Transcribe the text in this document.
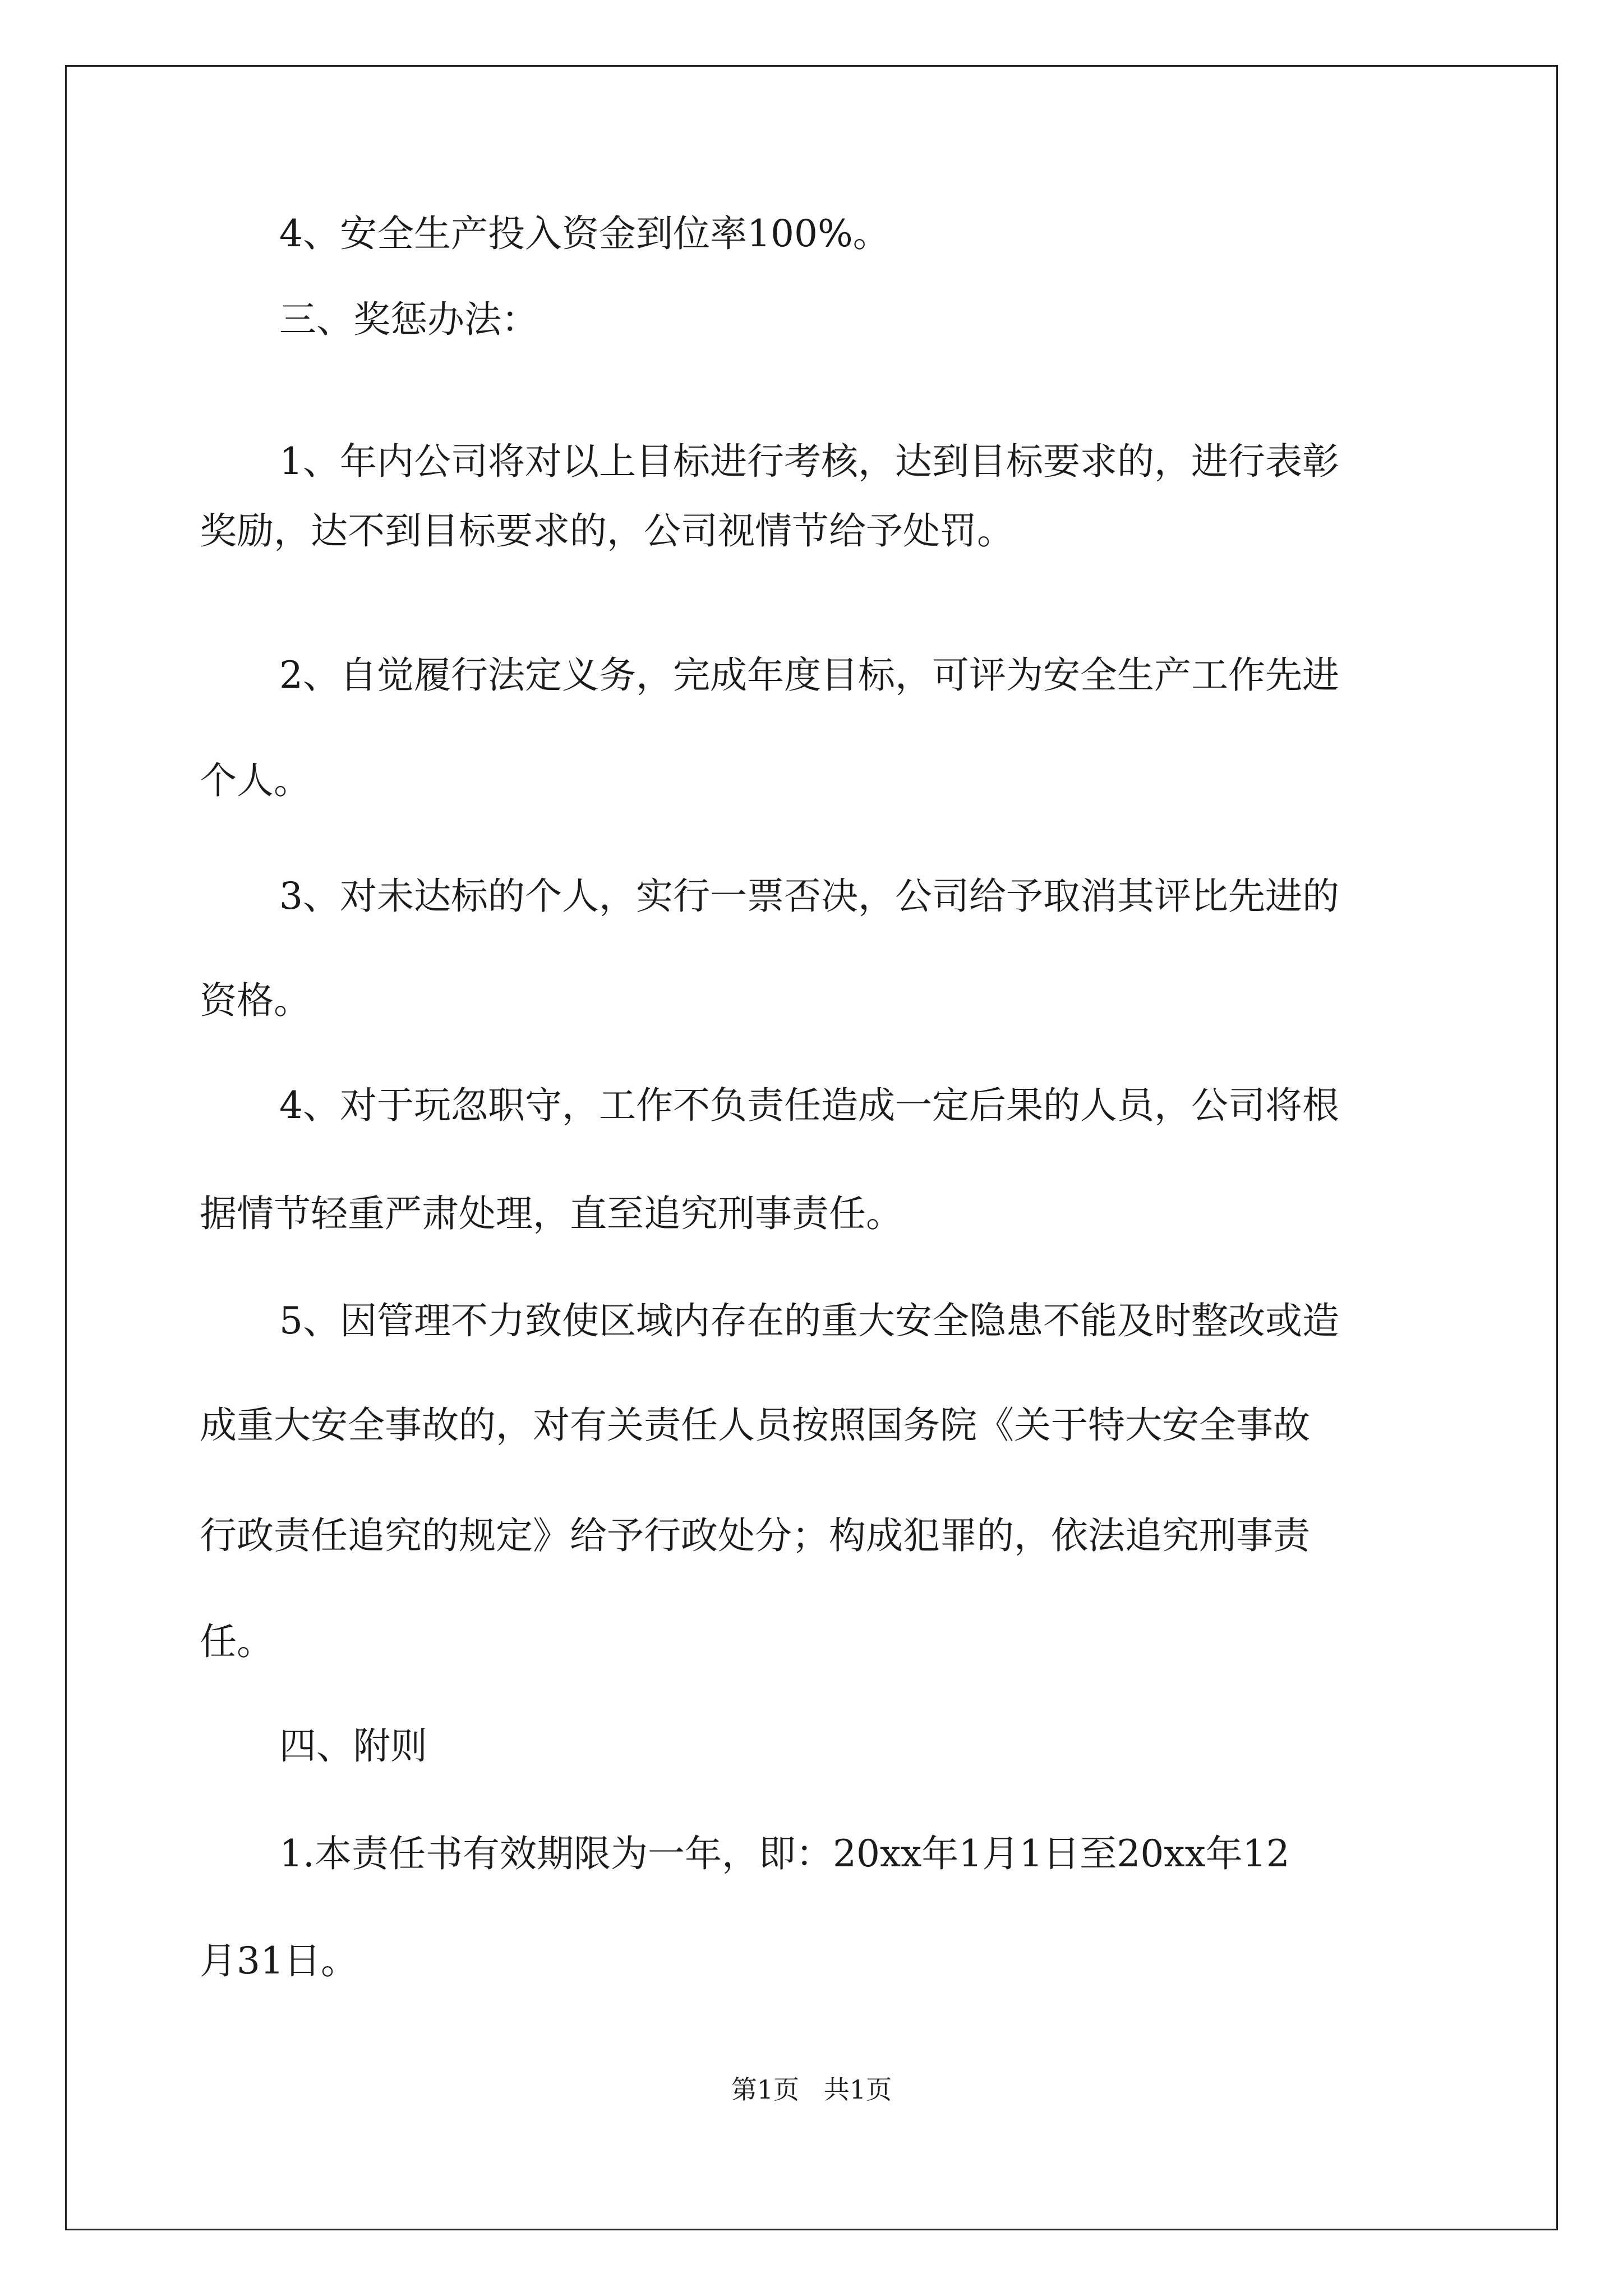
4、安全生产投入资金到位率100%。
三、奖惩办法：
1、年内公司将对以上目标进行考核，达到目标要求的，进行表彰
奖励，达不到目标要求的，公司视情节给予处罚。
2、自觉履行法定义务，完成年度目标，可评为安全生产工作先进
个人。
3、对未达标的个人，实行一票否决，公司给予取消其评比先进的
资格。
4、对于玩忽职守，工作不负责任造成一定后果的人员，公司将根
据情节轻重严肃处理，直至追究刑事责任。
5、因管理不力致使区域内存在的重大安全隐患不能及时整改或造
成重大安全事故的，对有关责任人员按照国务院《关于特大安全事故
行政责任追究的规定》给予行政处分；构成犯罪的，依法追究刑事责
任。
四、附则
1.本责任书有效期限为一年，即：20xx年1月1日至20xx年12
月31日。
第1页   共1页
